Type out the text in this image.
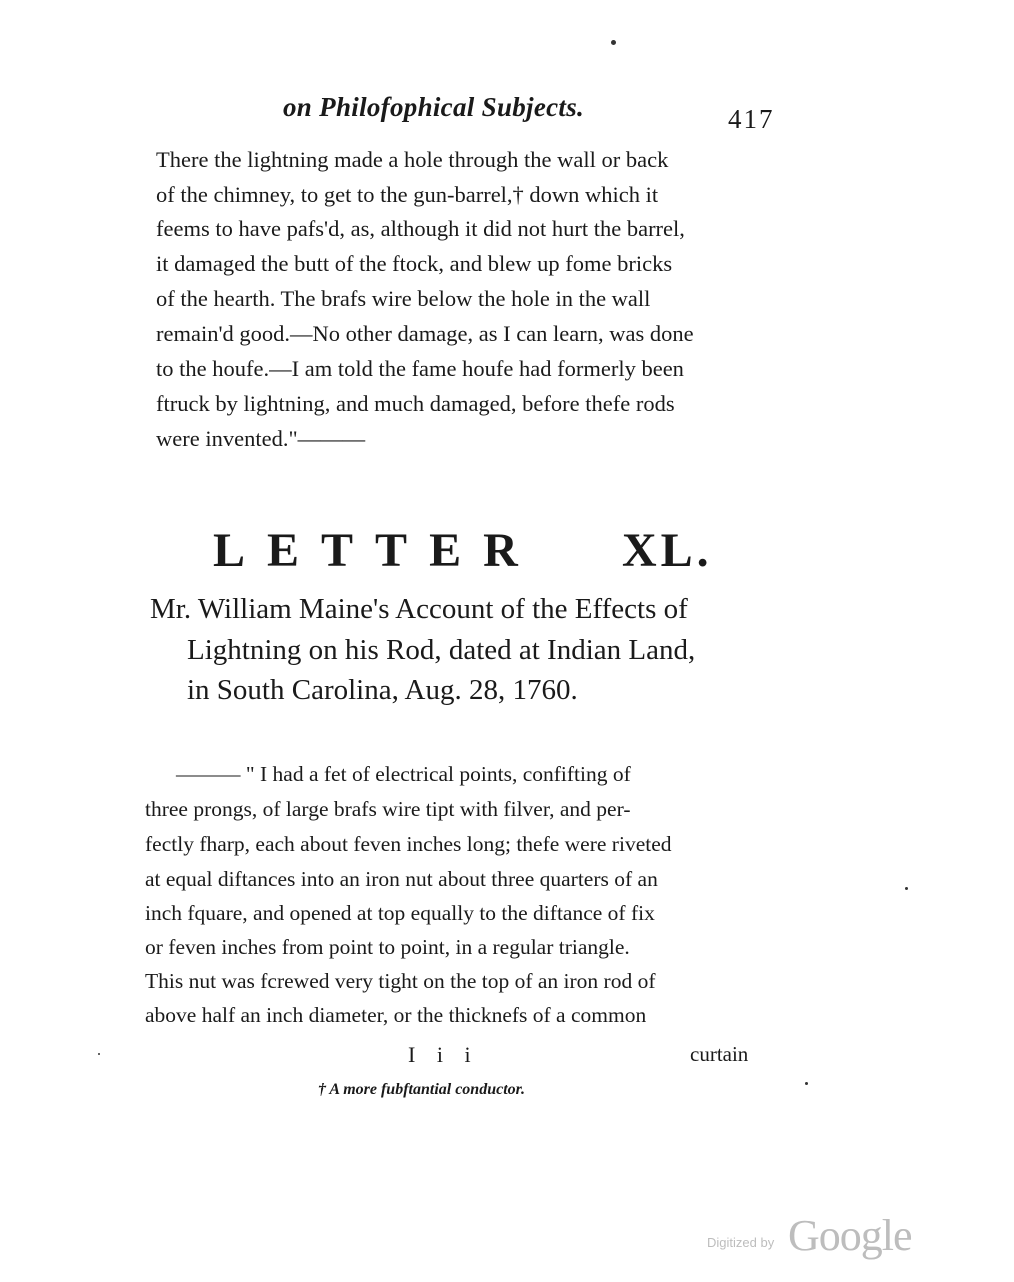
on Philofophical Subjects.	417
There the lightning made a hole through the wall or back
of the chimney, to get to the gun-barrel,† down which it
feems to have pafs'd, as, although it did not hurt the barrel,
it damaged the butt of the ftock, and blew up fome bricks
of the hearth. The brafs wire below the hole in the wall
remain'd good.—No other damage, as I can learn, was done
to the houfe.—I am told the fame houfe had formerly been
ftruck by lightning, and much damaged, before thefe rods
were invented."———
LETTER XL.
Mr. William Maine's Account of the Effects of
Lightning on his Rod, dated at Indian Land,
in South Carolina, Aug. 28, 1760.
——— " I had a fet of electrical points, confifting of
three prongs, of large brafs wire tipt with filver, and per-
fectly fharp, each about feven inches long; thefe were riveted
at equal diftances into an iron nut about three quarters of an
inch fquare, and opened at top equally to the diftance of fix
or feven inches from point to point, in a regular triangle.
This nut was fcrewed very tight on the top of an iron rod of
above half an inch diameter, or the thicknefs of a common
I i i	curtain
† A more fubftantial conductor.
Digitized by Google
